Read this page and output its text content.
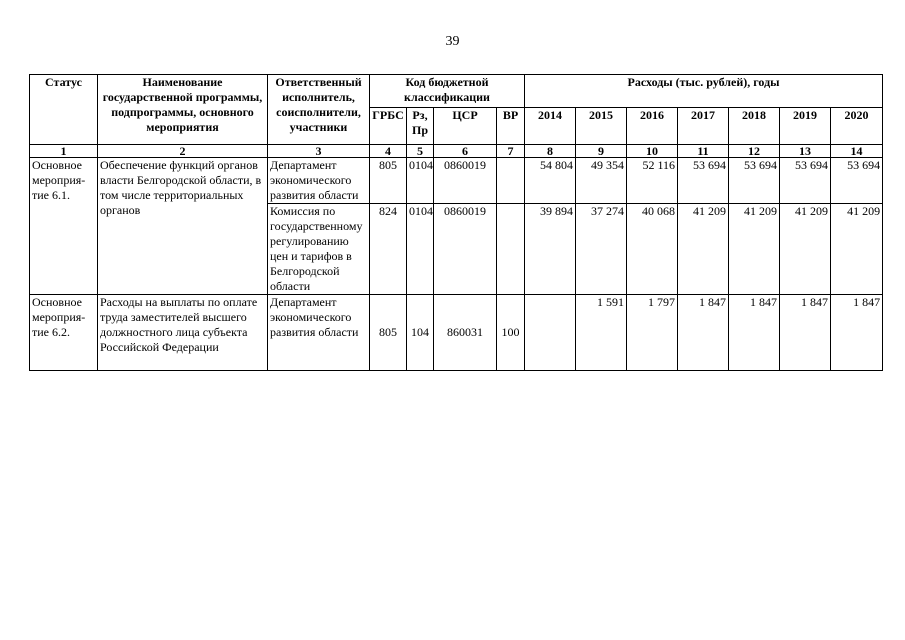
39
Статус	Наименование государственной программы, подпрограммы, основного мероприятия	Ответственный исполнитель, соисполнители, участники	Код бюджетной классификации				Расходы (тыс. рублей), годы						
			ГРБС	Рз, Пр	ЦСР	ВР	2014	2015	2016	2017	2018	2019	2020
1	2	3	4	5	6	7	8	9	10	11	12	13	14
Основное мероприя-тие 6.1.	Обеспечение функций органов власти Белгородской области, в том числе территориальных органов	Департамент экономического развития области	805	0104	0860019		54 804	49 354	52 116	53 694	53 694	53 694	53 694
		Комиссия по государственному регулированию цен и тарифов в Белгородской области	824	0104	0860019		39 894	37 274	40 068	41 209	41 209	41 209	41 209
Основное мероприя-тие 6.2.	Расходы на выплаты по оплате труда заместителей высшего должностного лица субъекта Российской Федерации	Департамент экономического развития области	805	104	860031	100		1 591	1 797	1 847	1 847	1 847	1 847
